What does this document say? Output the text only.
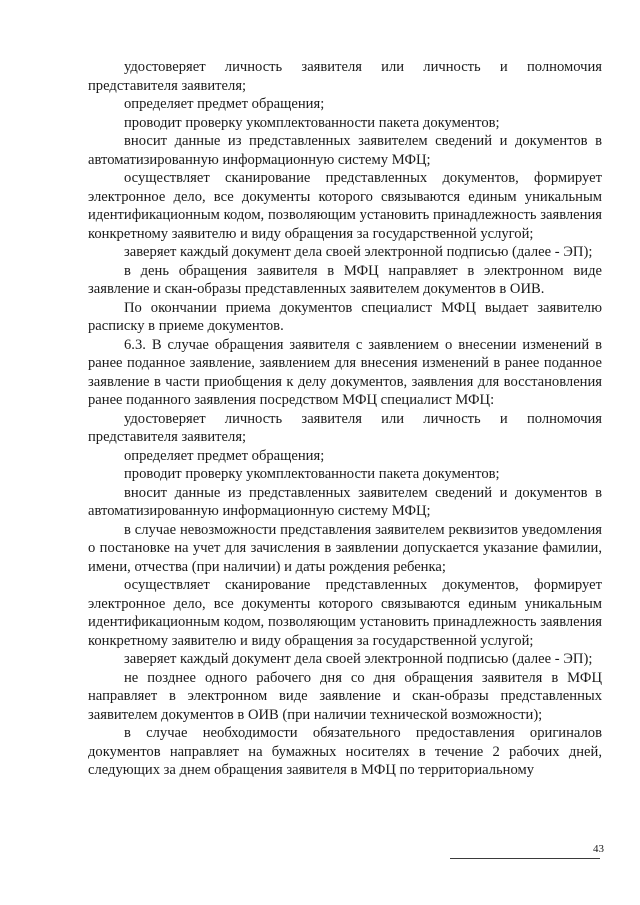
удостоверяет личность заявителя или личность и полномочия представителя заявителя;

определяет предмет обращения;

проводит проверку укомплектованности пакета документов;

вносит данные из представленных заявителем сведений и документов в автоматизированную информационную систему МФЦ;

осуществляет сканирование представленных документов, формирует электронное дело, все документы которого связываются единым уникальным идентификационным кодом, позволяющим установить принадлежность заявления конкретному заявителю и виду обращения за государственной услугой;

заверяет каждый документ дела своей электронной подписью (далее - ЭП);

в день обращения заявителя в МФЦ направляет в электронном виде заявление и скан-образы представленных заявителем документов в ОИВ.

По окончании приема документов специалист МФЦ выдает заявителю расписку в приеме документов.

6.3. В случае обращения заявителя с заявлением о внесении изменений в ранее поданное заявление, заявлением для внесения изменений в ранее поданное заявление в части приобщения к делу документов, заявления для восстановления ранее поданного заявления посредством МФЦ специалист МФЦ:

удостоверяет личность заявителя или личность и полномочия представителя заявителя;

определяет предмет обращения;

проводит проверку укомплектованности пакета документов;

вносит данные из представленных заявителем сведений и документов в автоматизированную информационную систему МФЦ;

в случае невозможности представления заявителем реквизитов уведомления о постановке на учет для зачисления в заявлении допускается указание фамилии, имени, отчества (при наличии) и даты рождения ребенка;

осуществляет сканирование представленных документов, формирует электронное дело, все документы которого связываются единым уникальным идентификационным кодом, позволяющим установить принадлежность заявления конкретному заявителю и виду обращения за государственной услугой;

заверяет каждый документ дела своей электронной подписью (далее - ЭП);

не позднее одного рабочего дня со дня обращения заявителя в МФЦ направляет в электронном виде заявление и скан-образы представленных заявителем документов в ОИВ (при наличии технической возможности);

в случае необходимости обязательного предоставления оригиналов документов направляет на бумажных носителях в течение 2 рабочих дней, следующих за днем обращения заявителя в МФЦ по территориальному

43
